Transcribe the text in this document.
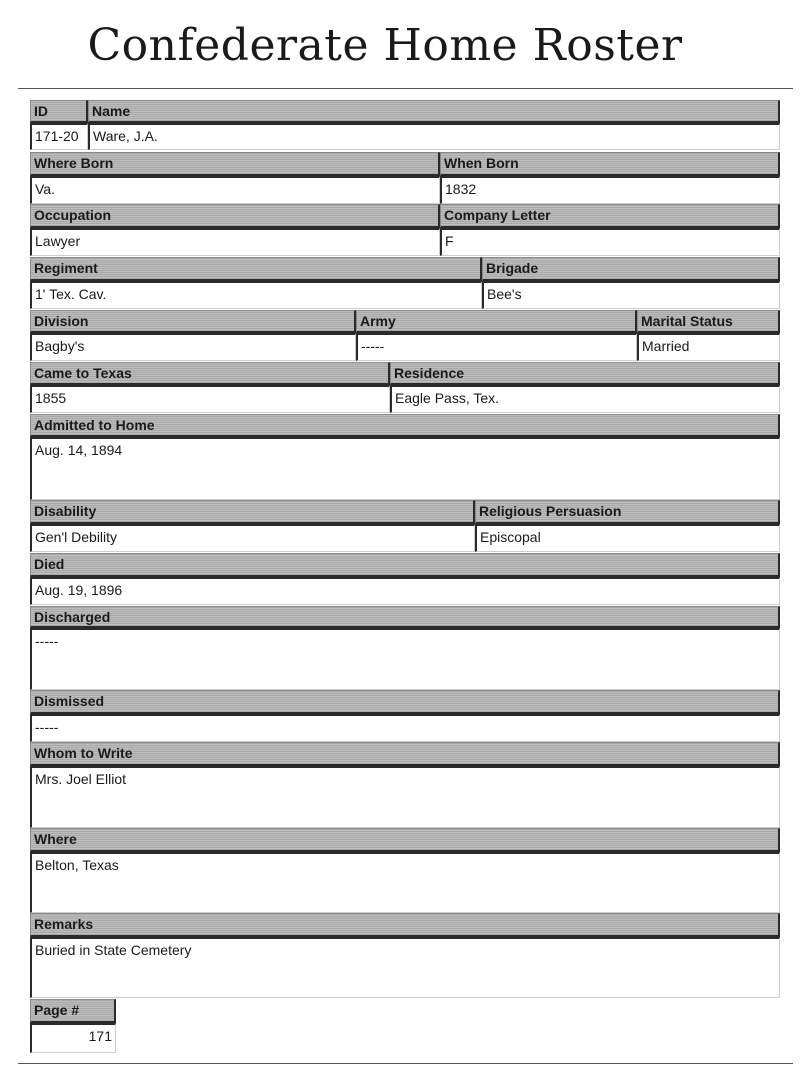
Confederate Home Roster
ID	Name
171-20	Ware, J.A.
Where Born	When Born
Va.	1832
Occupation	Company Letter
Lawyer	F
Regiment	Brigade
1' Tex. Cav.	Bee's
Division	Army	Marital Status
Bagby's	-----	Married
Came to Texas	Residence
1855	Eagle Pass, Tex.
Admitted to Home
Aug. 14, 1894
Disability	Religious Persuasion
Gen'l Debility	Episcopal
Died
Aug. 19, 1896
Discharged
-----
Dismissed
-----
Whom to Write
Mrs. Joel Elliot
Where
Belton, Texas
Remarks
Buried in State Cemetery
Page #
171
